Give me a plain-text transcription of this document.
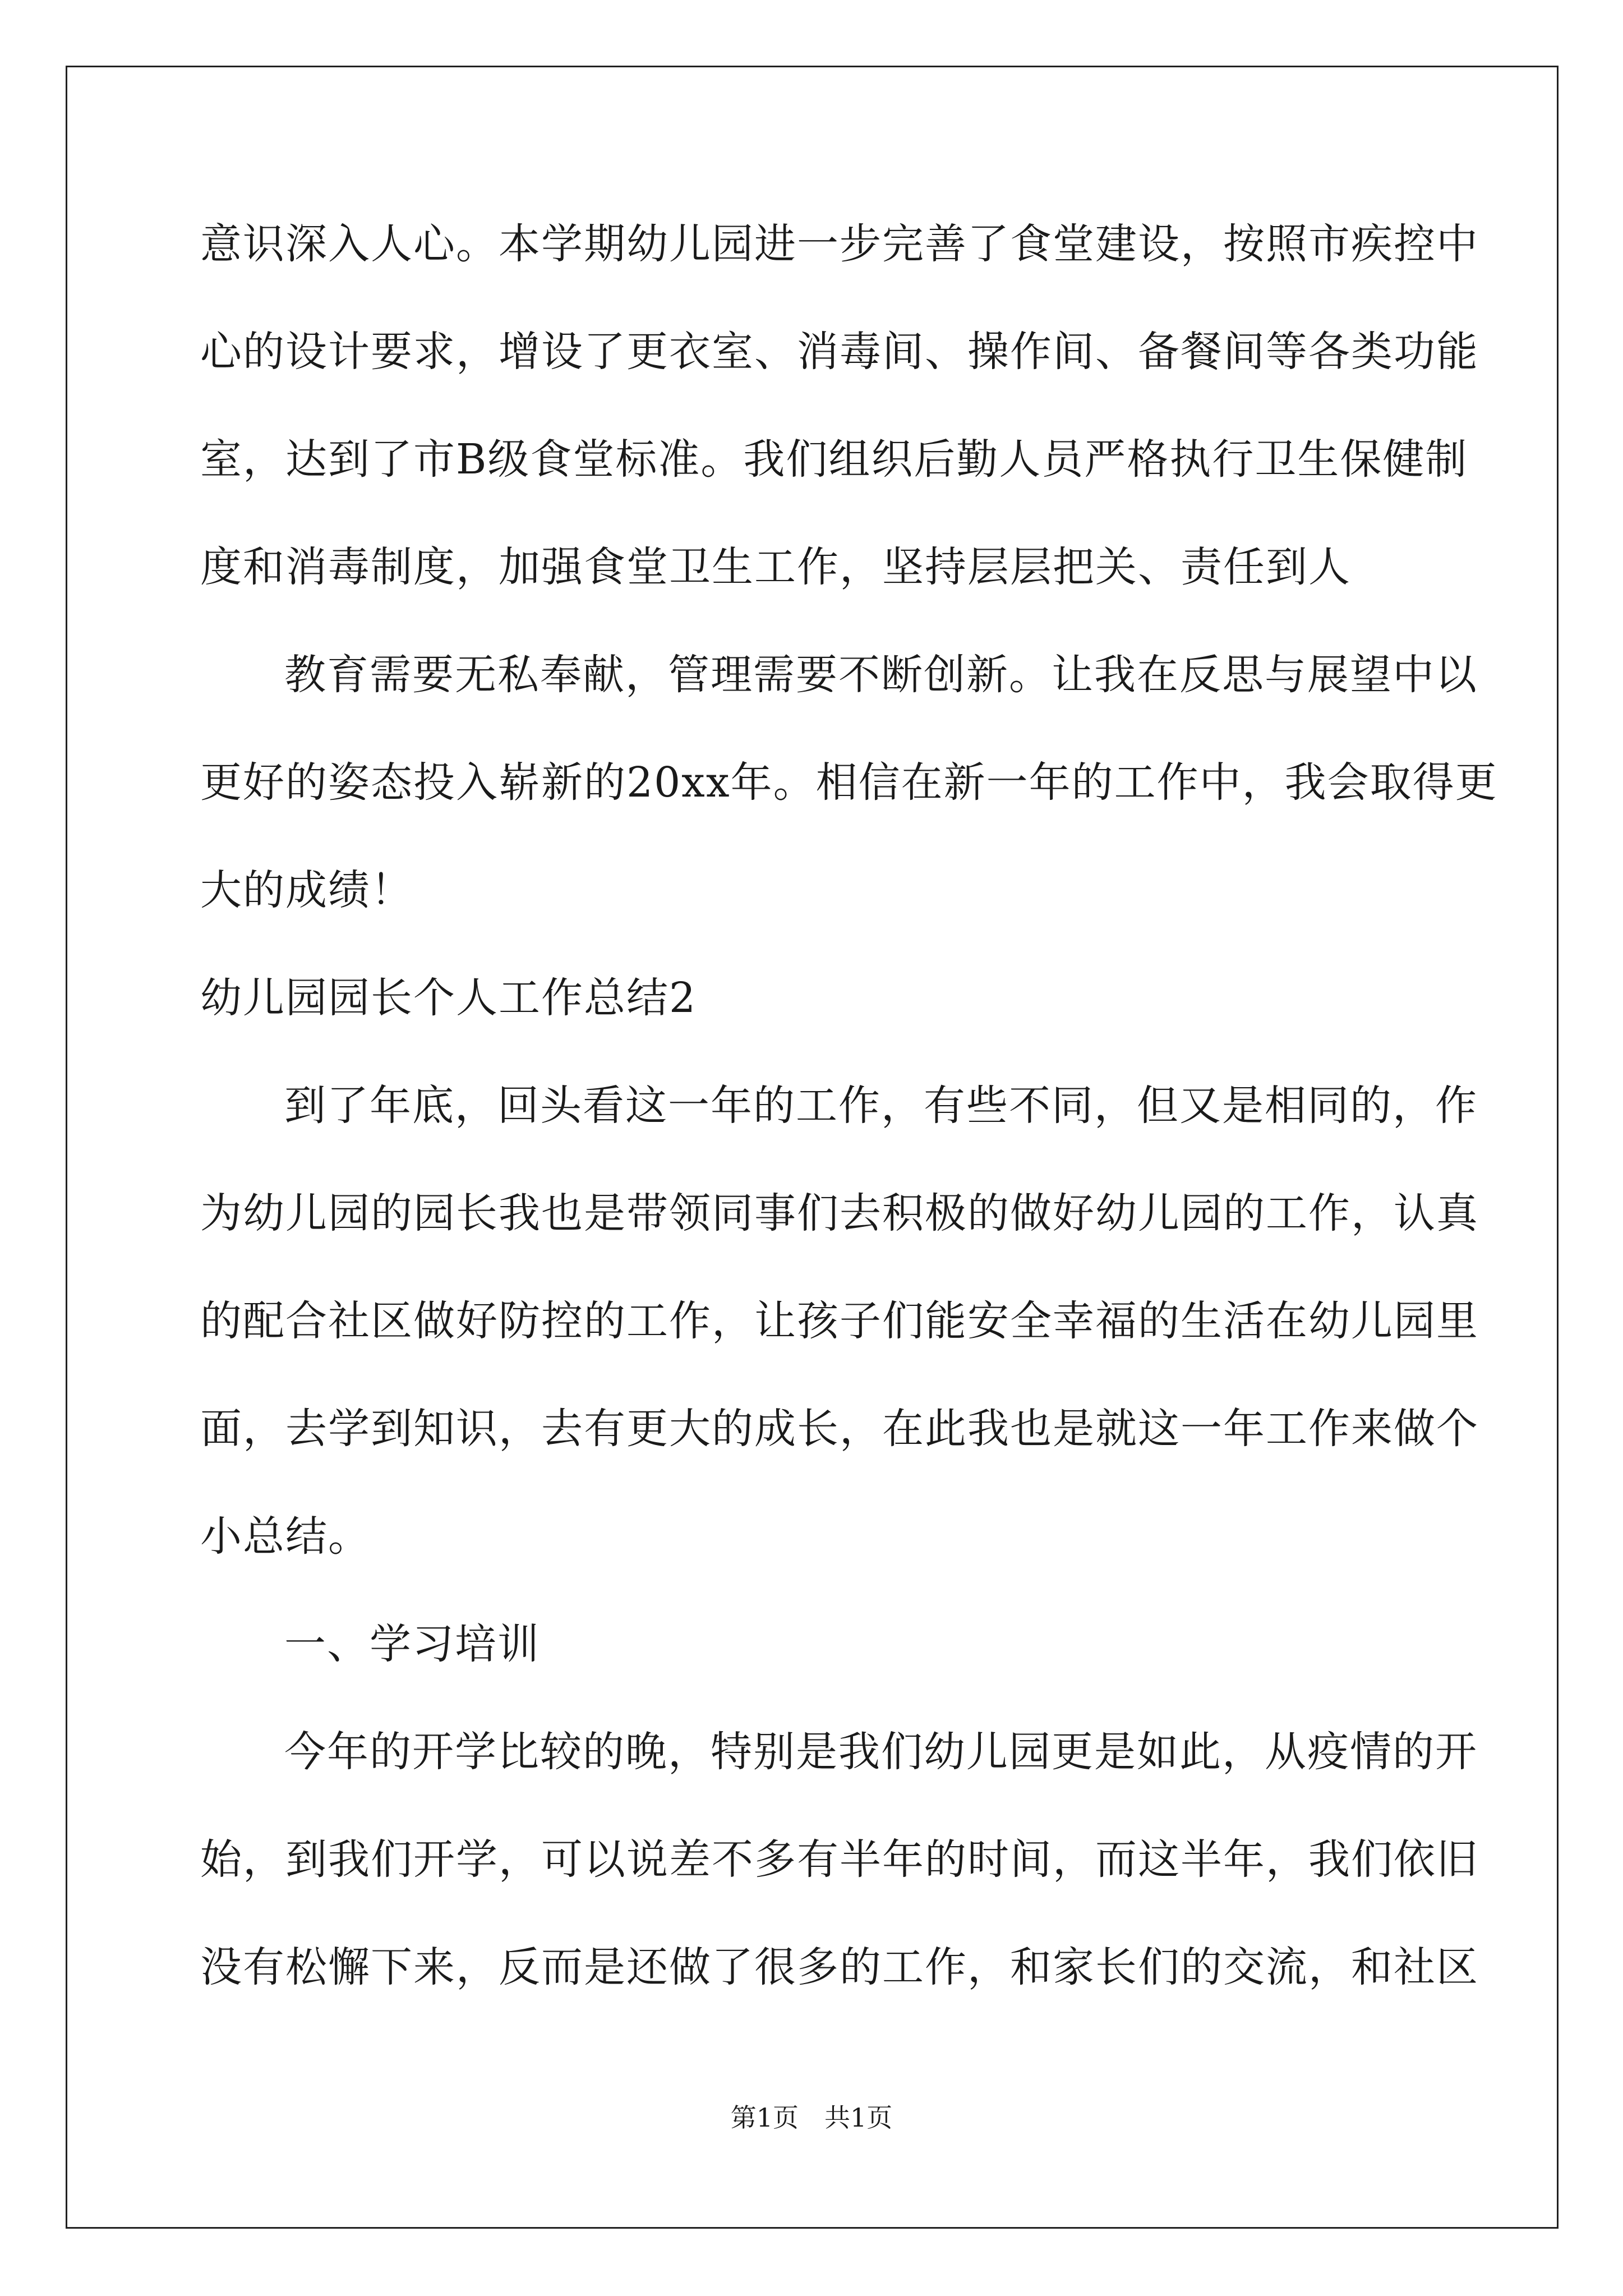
意识深入人心。本学期幼儿园进一步完善了食堂建设，按照市疾控中
心的设计要求，增设了更衣室、消毒间、操作间、备餐间等各类功能
室，达到了市B级食堂标准。我们组织后勤人员严格执行卫生保健制
度和消毒制度，加强食堂卫生工作，坚持层层把关、责任到人
教育需要无私奉献，管理需要不断创新。让我在反思与展望中以
更好的姿态投入崭新的20xx年。相信在新一年的工作中，我会取得更
大的成绩！
幼儿园园长个人工作总结2
到了年底，回头看这一年的工作，有些不同，但又是相同的，作
为幼儿园的园长我也是带领同事们去积极的做好幼儿园的工作，认真
的配合社区做好防控的工作，让孩子们能安全幸福的生活在幼儿园里
面，去学到知识，去有更大的成长，在此我也是就这一年工作来做个
小总结。
一、学习培训
今年的开学比较的晚，特别是我们幼儿园更是如此，从疫情的开
始，到我们开学，可以说差不多有半年的时间，而这半年，我们依旧
没有松懈下来，反而是还做了很多的工作，和家长们的交流，和社区
第1页　共1页
